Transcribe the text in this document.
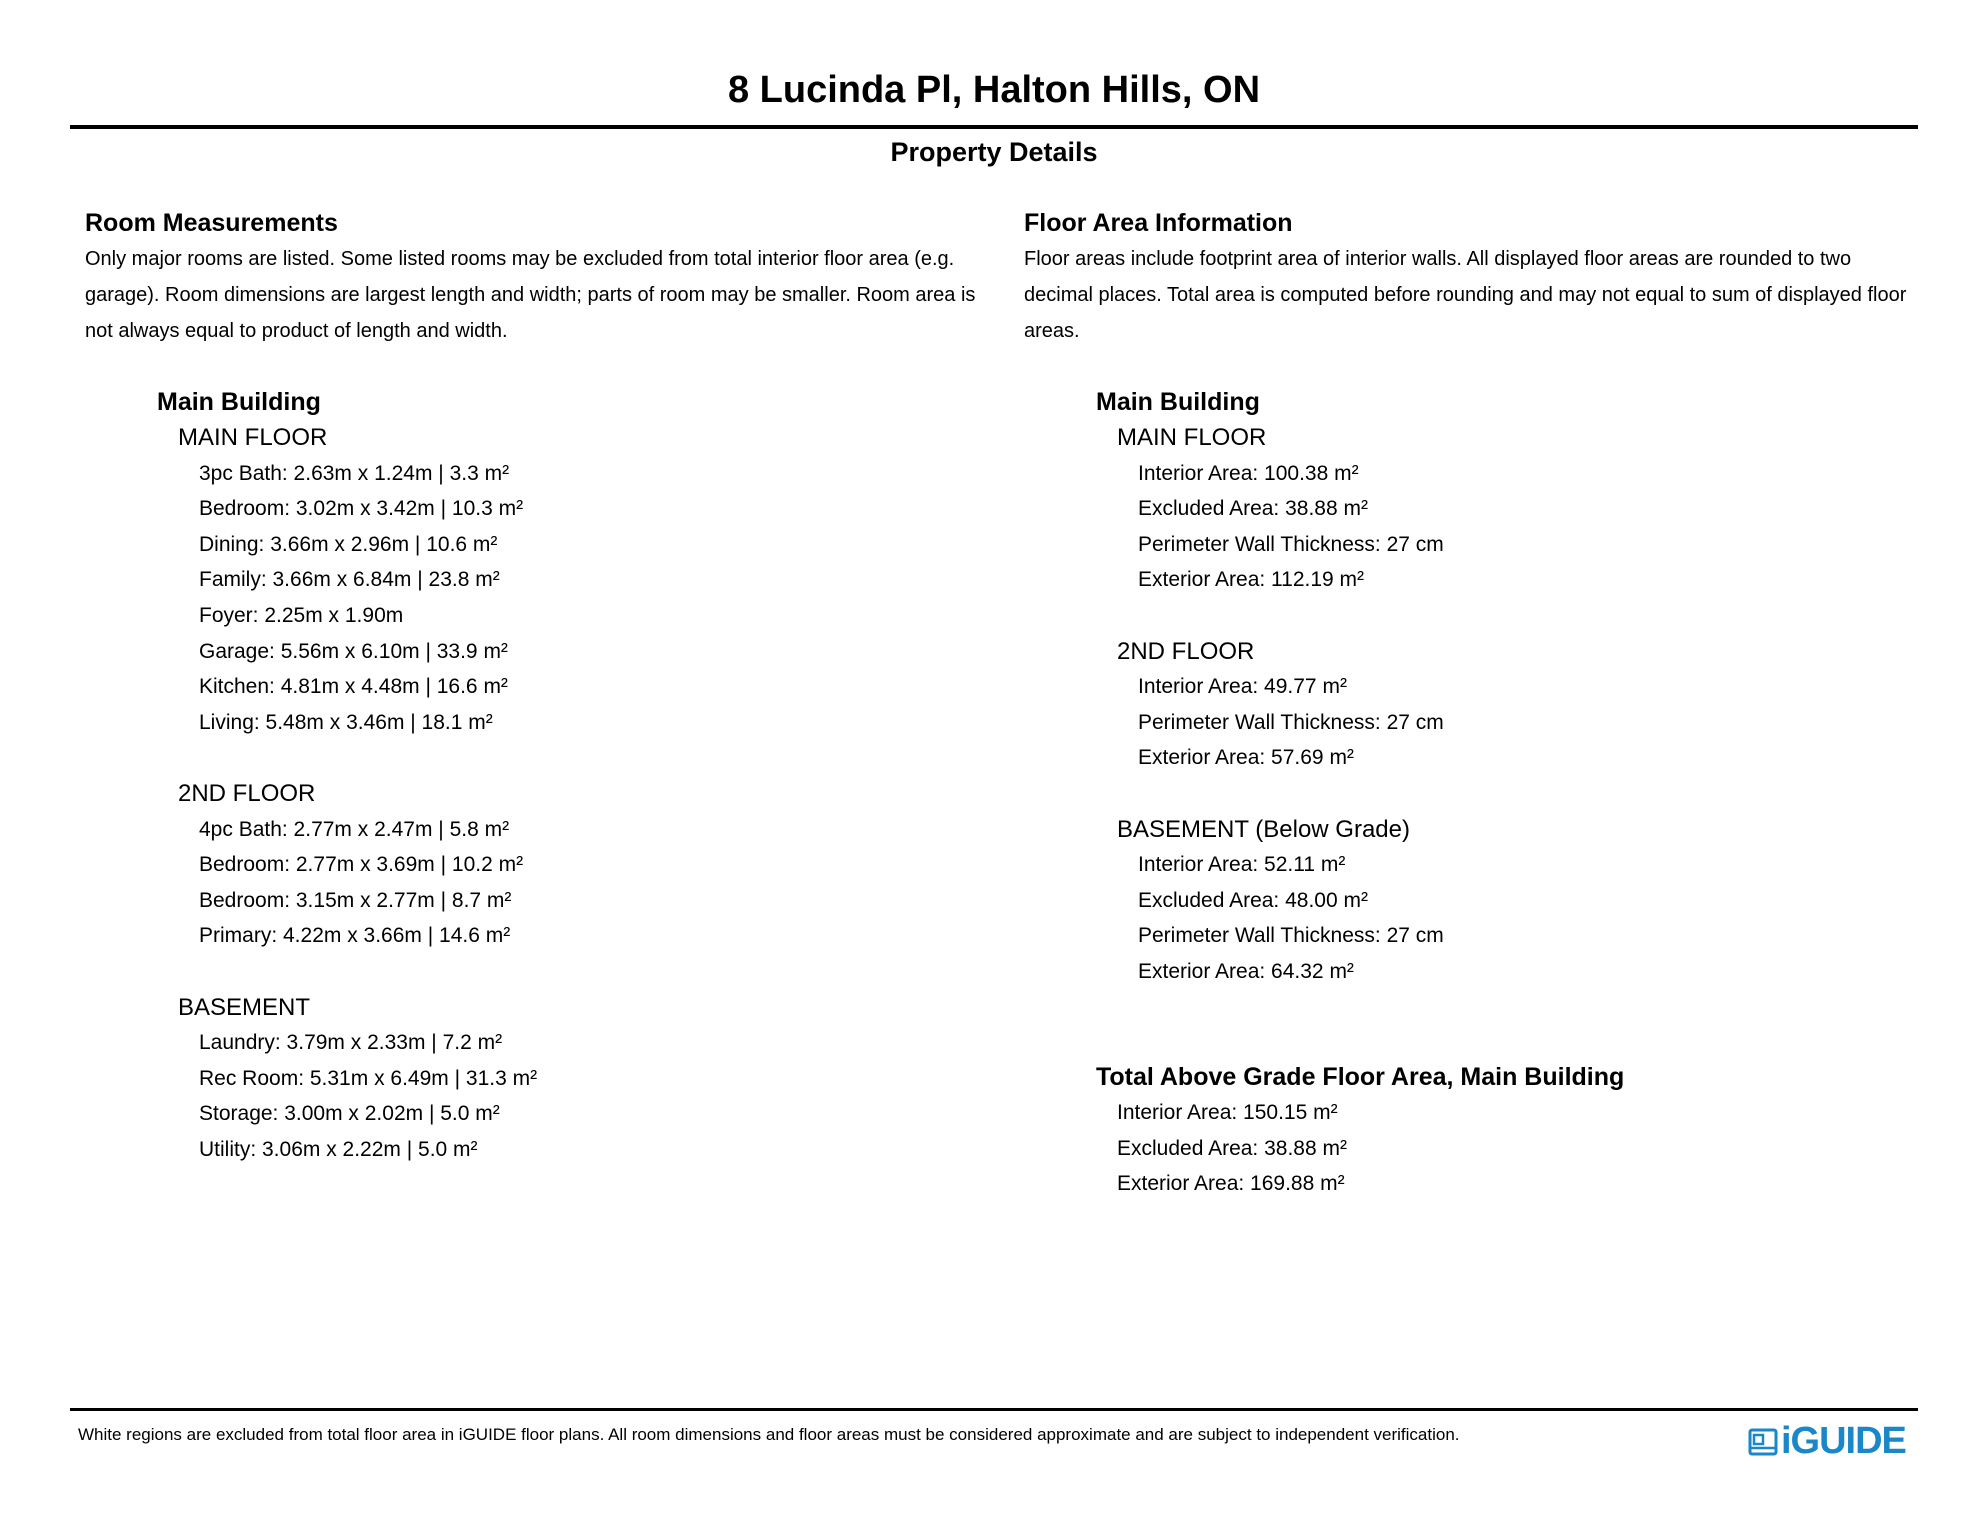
8 Lucinda Pl, Halton Hills, ON
Property Details

Room Measurements

Only major rooms are listed. Some listed rooms may be excluded from total interior floor area (e.g. garage). Room dimensions are largest length and width; parts of room may be smaller. Room area is not always equal to product of length and width.

Main Building
MAIN FLOOR
3pc Bath: 2.63m x 1.24m | 3.3 m²
Bedroom: 3.02m x 3.42m | 10.3 m²
Dining: 3.66m x 2.96m | 10.6 m²
Family: 3.66m x 6.84m | 23.8 m²
Foyer: 2.25m x 1.90m
Garage: 5.56m x 6.10m | 33.9 m²
Kitchen: 4.81m x 4.48m | 16.6 m²
Living: 5.48m x 3.46m | 18.1 m²
2ND FLOOR
4pc Bath: 2.77m x 2.47m | 5.8 m²
Bedroom: 2.77m x 3.69m | 10.2 m²
Bedroom: 3.15m x 2.77m | 8.7 m²
Primary: 4.22m x 3.66m | 14.6 m²
BASEMENT
Laundry: 3.79m x 2.33m | 7.2 m²
Rec Room: 5.31m x 6.49m | 31.3 m²
Storage: 3.00m x 2.02m | 5.0 m²
Utility: 3.06m x 2.22m | 5.0 m²

Floor Area Information

Floor areas include footprint area of interior walls. All displayed floor areas are rounded to two decimal places. Total area is computed before rounding and may not equal to sum of displayed floor areas.

Main Building
MAIN FLOOR
Interior Area: 100.38 m²
Excluded Area: 38.88 m²
Perimeter Wall Thickness: 27 cm
Exterior Area: 112.19 m²
2ND FLOOR
Interior Area: 49.77 m²
Perimeter Wall Thickness: 27 cm
Exterior Area: 57.69 m²
BASEMENT (Below Grade)
Interior Area: 52.11 m²
Excluded Area: 48.00 m²
Perimeter Wall Thickness: 27 cm
Exterior Area: 64.32 m²
Total Above Grade Floor Area, Main Building
Interior Area: 150.15 m²
Excluded Area: 38.88 m²
Exterior Area: 169.88 m²
White regions are excluded from total floor area in iGUIDE floor plans. All room dimensions and floor areas must be considered approximate and are subject to independent verification.	iGUIDE
